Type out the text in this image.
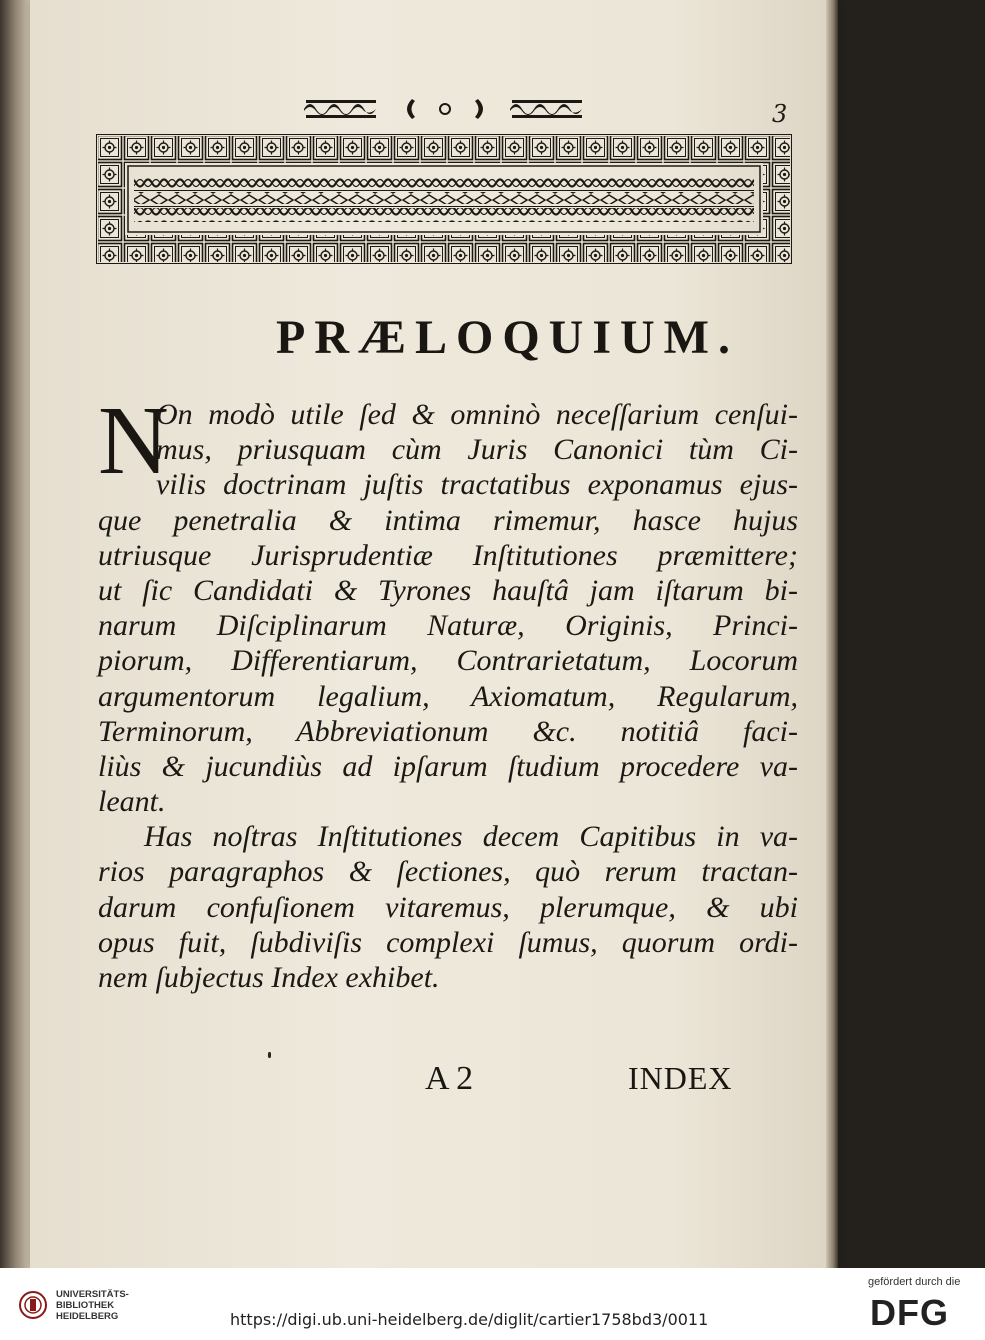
3
PRÆLOQUIUM.
N
On modò utile ſed & omninò neceſſarium cenſui-
mus, priusquam cùm Juris Canonici tùm Ci-
vilis doctrinam juſtis tractatibus exponamus ejus-
que penetralia & intima rimemur, hasce hujus
utriusque Jurisprudentiæ Inſtitutiones præmittere;
ut ſic Candidati & Tyrones hauſtâ jam iſtarum bi-
narum Diſciplinarum Naturæ, Originis, Princi-
piorum, Differentiarum, Contrarietatum, Locorum
argumentorum legalium, Axiomatum, Regularum,
Terminorum, Abbreviationum &c. notitiâ faci-
liùs & jucundiùs ad ipſarum ſtudium procedere va-
leant.
Has noſtras Inſtitutiones decem Capitibus in va-
rios paragraphos & ſectiones, quò rerum tractan-
darum confuſionem vitaremus, plerumque, & ubi
opus fuit, ſubdiviſis complexi ſumus, quorum ordi-
nem ſubjectus Index exhibet.
A 2	INDEX
UNIVERSITÄTS-
BIBLIOTHEK
HEIDELBERG	https://digi.ub.uni-heidelberg.de/diglit/cartier1758bd3/0011
gefördert durch die
DFG
